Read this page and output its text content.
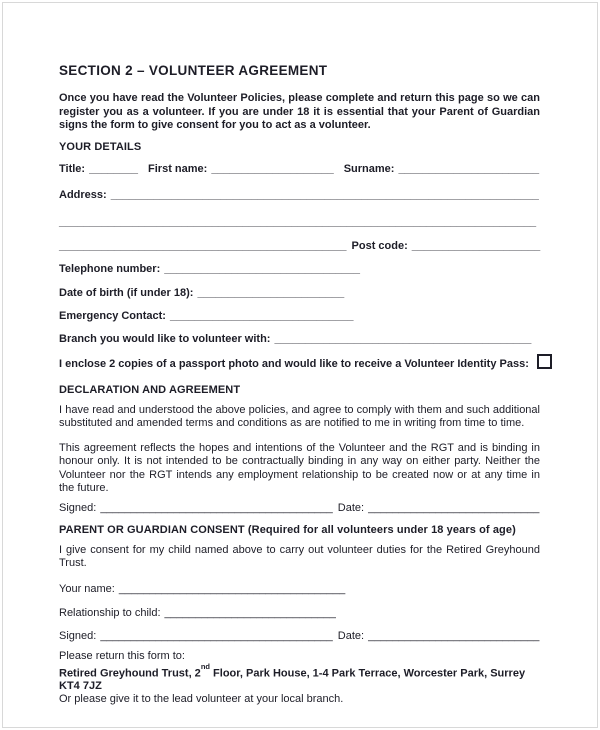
SECTION 2 – VOLUNTEER AGREEMENT

Once you have read the Volunteer Policies, please complete and return this page so we can register you as a volunteer. If you are under 18 it is essential that your Parent of Guardian signs the form to give consent for you to act as a volunteer.

YOUR DETAILS
Title: ________ First name: ____________________ Surname: _______________________
Address: ______________________________________________________________________
______________________________________________________________________________
_______________________________________________ Post code: _____________________
Telephone number: ________________________________
Date of birth (if under 18): ________________________
Emergency Contact: ______________________________
Branch you would like to volunteer with: __________________________________________
I enclose 2 copies of a passport photo and would like to receive a Volunteer Identity Pass:
DECLARATION AND AGREEMENT

I have read and understood the above policies, and agree to comply with them and such additional substituted and amended terms and conditions as are notified to me in writing from time to time.

This agreement reflects the hopes and intentions of the Volunteer and the RGT and is binding in honour only. It is not intended to be contractually binding in any way on either party. Neither the Volunteer nor the RGT intends any employment relationship to be created now or at any time in the future.

Signed: ______________________________________ Date: ____________________________
PARENT OR GUARDIAN CONSENT (Required for all volunteers under 18 years of age)

I give consent for my child named above to carry out volunteer duties for the Retired Greyhound Trust.

Your name: _____________________________________
Relationship to child: ____________________________
Signed: ______________________________________ Date: ____________________________

Please return this form to:

Retired Greyhound Trust, 2nd Floor, Park House, 1-4 Park Terrace, Worcester Park, Surrey KT4 7JZ

Or please give it to the lead volunteer at your local branch.
